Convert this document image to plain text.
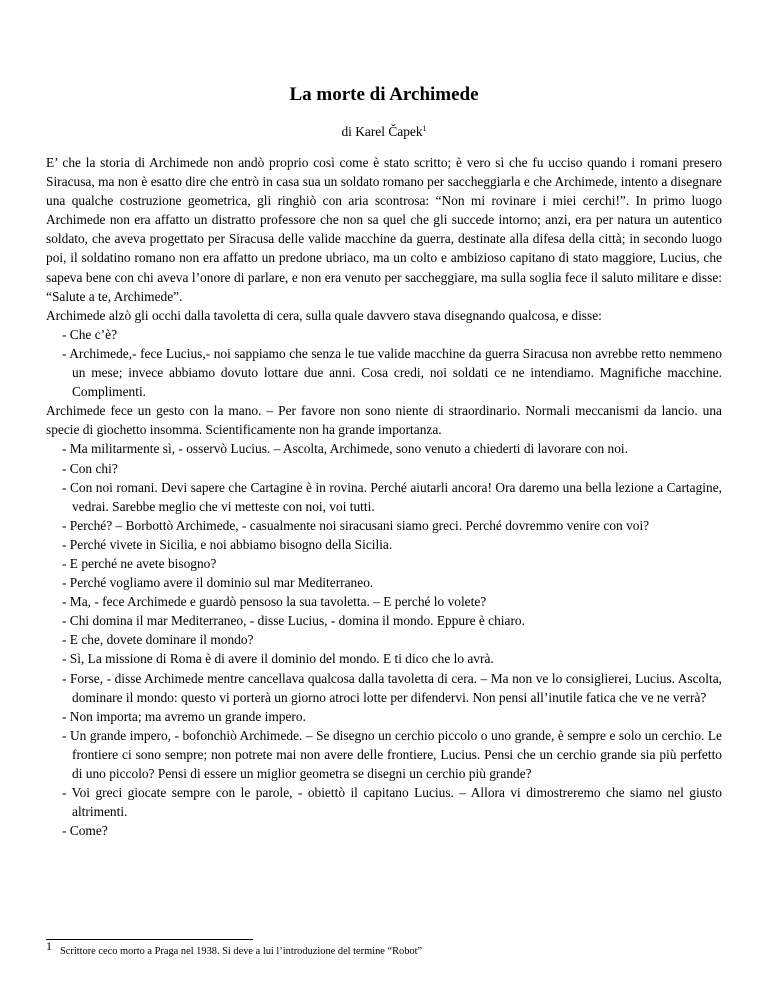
La morte di Archimede
di Karel Čapek$^1$

E’ che la storia di Archimede non andò proprio così come è stato scritto; è vero sì che fu ucciso quando i romani presero Siracusa, ma non è esatto dire che entrò in casa sua un soldato romano per saccheggiarla e che Archimede, intento a disegnare una qualche costruzione geometrica, gli ringhiò con aria scontrosa: “Non mi rovinare i miei cerchi!”. In primo luogo Archimede non era affatto un distratto professore che non sa quel che gli succede intorno; anzi, era per natura un autentico soldato, che aveva progettato per Siracusa delle valide macchine da guerra, destinate alla difesa della città; in secondo luogo poi, il soldatino romano non era affatto un predone ubriaco, ma un colto e ambizioso capitano di stato maggiore, Lucius, che sapeva bene con chi aveva l’onore di parlare, e non era venuto per saccheggiare, ma sulla soglia fece il saluto militare e disse: “Salute a te, Archimede”.

Archimede alzò gli occhi dalla tavoletta di cera, sulla quale davvero stava disegnando qualcosa, e disse:

- Che c’è?
- Archimede,- fece Lucius,- noi sappiamo che senza le tue valide macchine da guerra Siracusa non avrebbe retto nemmeno un mese; invece abbiamo dovuto lottare due anni. Cosa credi, noi soldati ce ne intendiamo. Magnifiche macchine. Complimenti.

Archimede fece un gesto con la mano. – Per favore non sono niente di straordinario. Normali meccanismi da lancio. una specie di giochetto insomma. Scientificamente non ha grande importanza.

- Ma militarmente sì, - osservò Lucius. – Ascolta, Archimede, sono venuto a chiederti di lavorare con noi.
- Con chi?
- Con noi romani. Devi sapere che Cartagine è in rovina. Perché aiutarli ancora! Ora daremo una bella lezione a Cartagine, vedrai. Sarebbe meglio che vi metteste con noi, voi tutti.
- Perché? – Borbottò Archimede, - casualmente noi siracusani siamo greci. Perché dovremmo venire con voi?
- Perché vivete in Sicilia, e noi abbiamo bisogno della Sicilia.
- E perché ne avete bisogno?
- Perché vogliamo avere il dominio sul mar Mediterraneo.
- Ma, - fece Archimede e guardò pensoso la sua tavoletta. – E perché lo volete?
- Chi domina il mar Mediterraneo, - disse Lucius, - domina il mondo. Eppure è chiaro.
- E che, dovete dominare il mondo?
- Sì, La missione di Roma è di avere il dominio del mondo. E ti dico che lo avrà.
- Forse, - disse Archimede mentre cancellava qualcosa dalla tavoletta di cera. – Ma non ve lo consiglierei, Lucius. Ascolta, dominare il mondo: questo vi porterà un giorno atroci lotte per difendervi. Non pensi all’inutile fatica che ve ne verrà?
- Non importa; ma avremo un grande impero.
- Un grande impero, - bofonchiò Archimede. – Se disegno un cerchio piccolo o uno grande, è sempre e solo un cerchio. Le frontiere ci sono sempre; non potrete mai non avere delle frontiere, Lucius. Pensi che un cerchio grande sia più perfetto di uno piccolo? Pensi di essere un miglior geometra se disegni un cerchio più grande?
- Voi greci giocate sempre con le parole, - obiettò il capitano Lucius. – Allora vi dimostreremo che siamo nel giusto altrimenti.
- Come?
1 Scrittore ceco morto a Praga nel 1938. Si deve a lui l’introduzione del termine “Robot”
